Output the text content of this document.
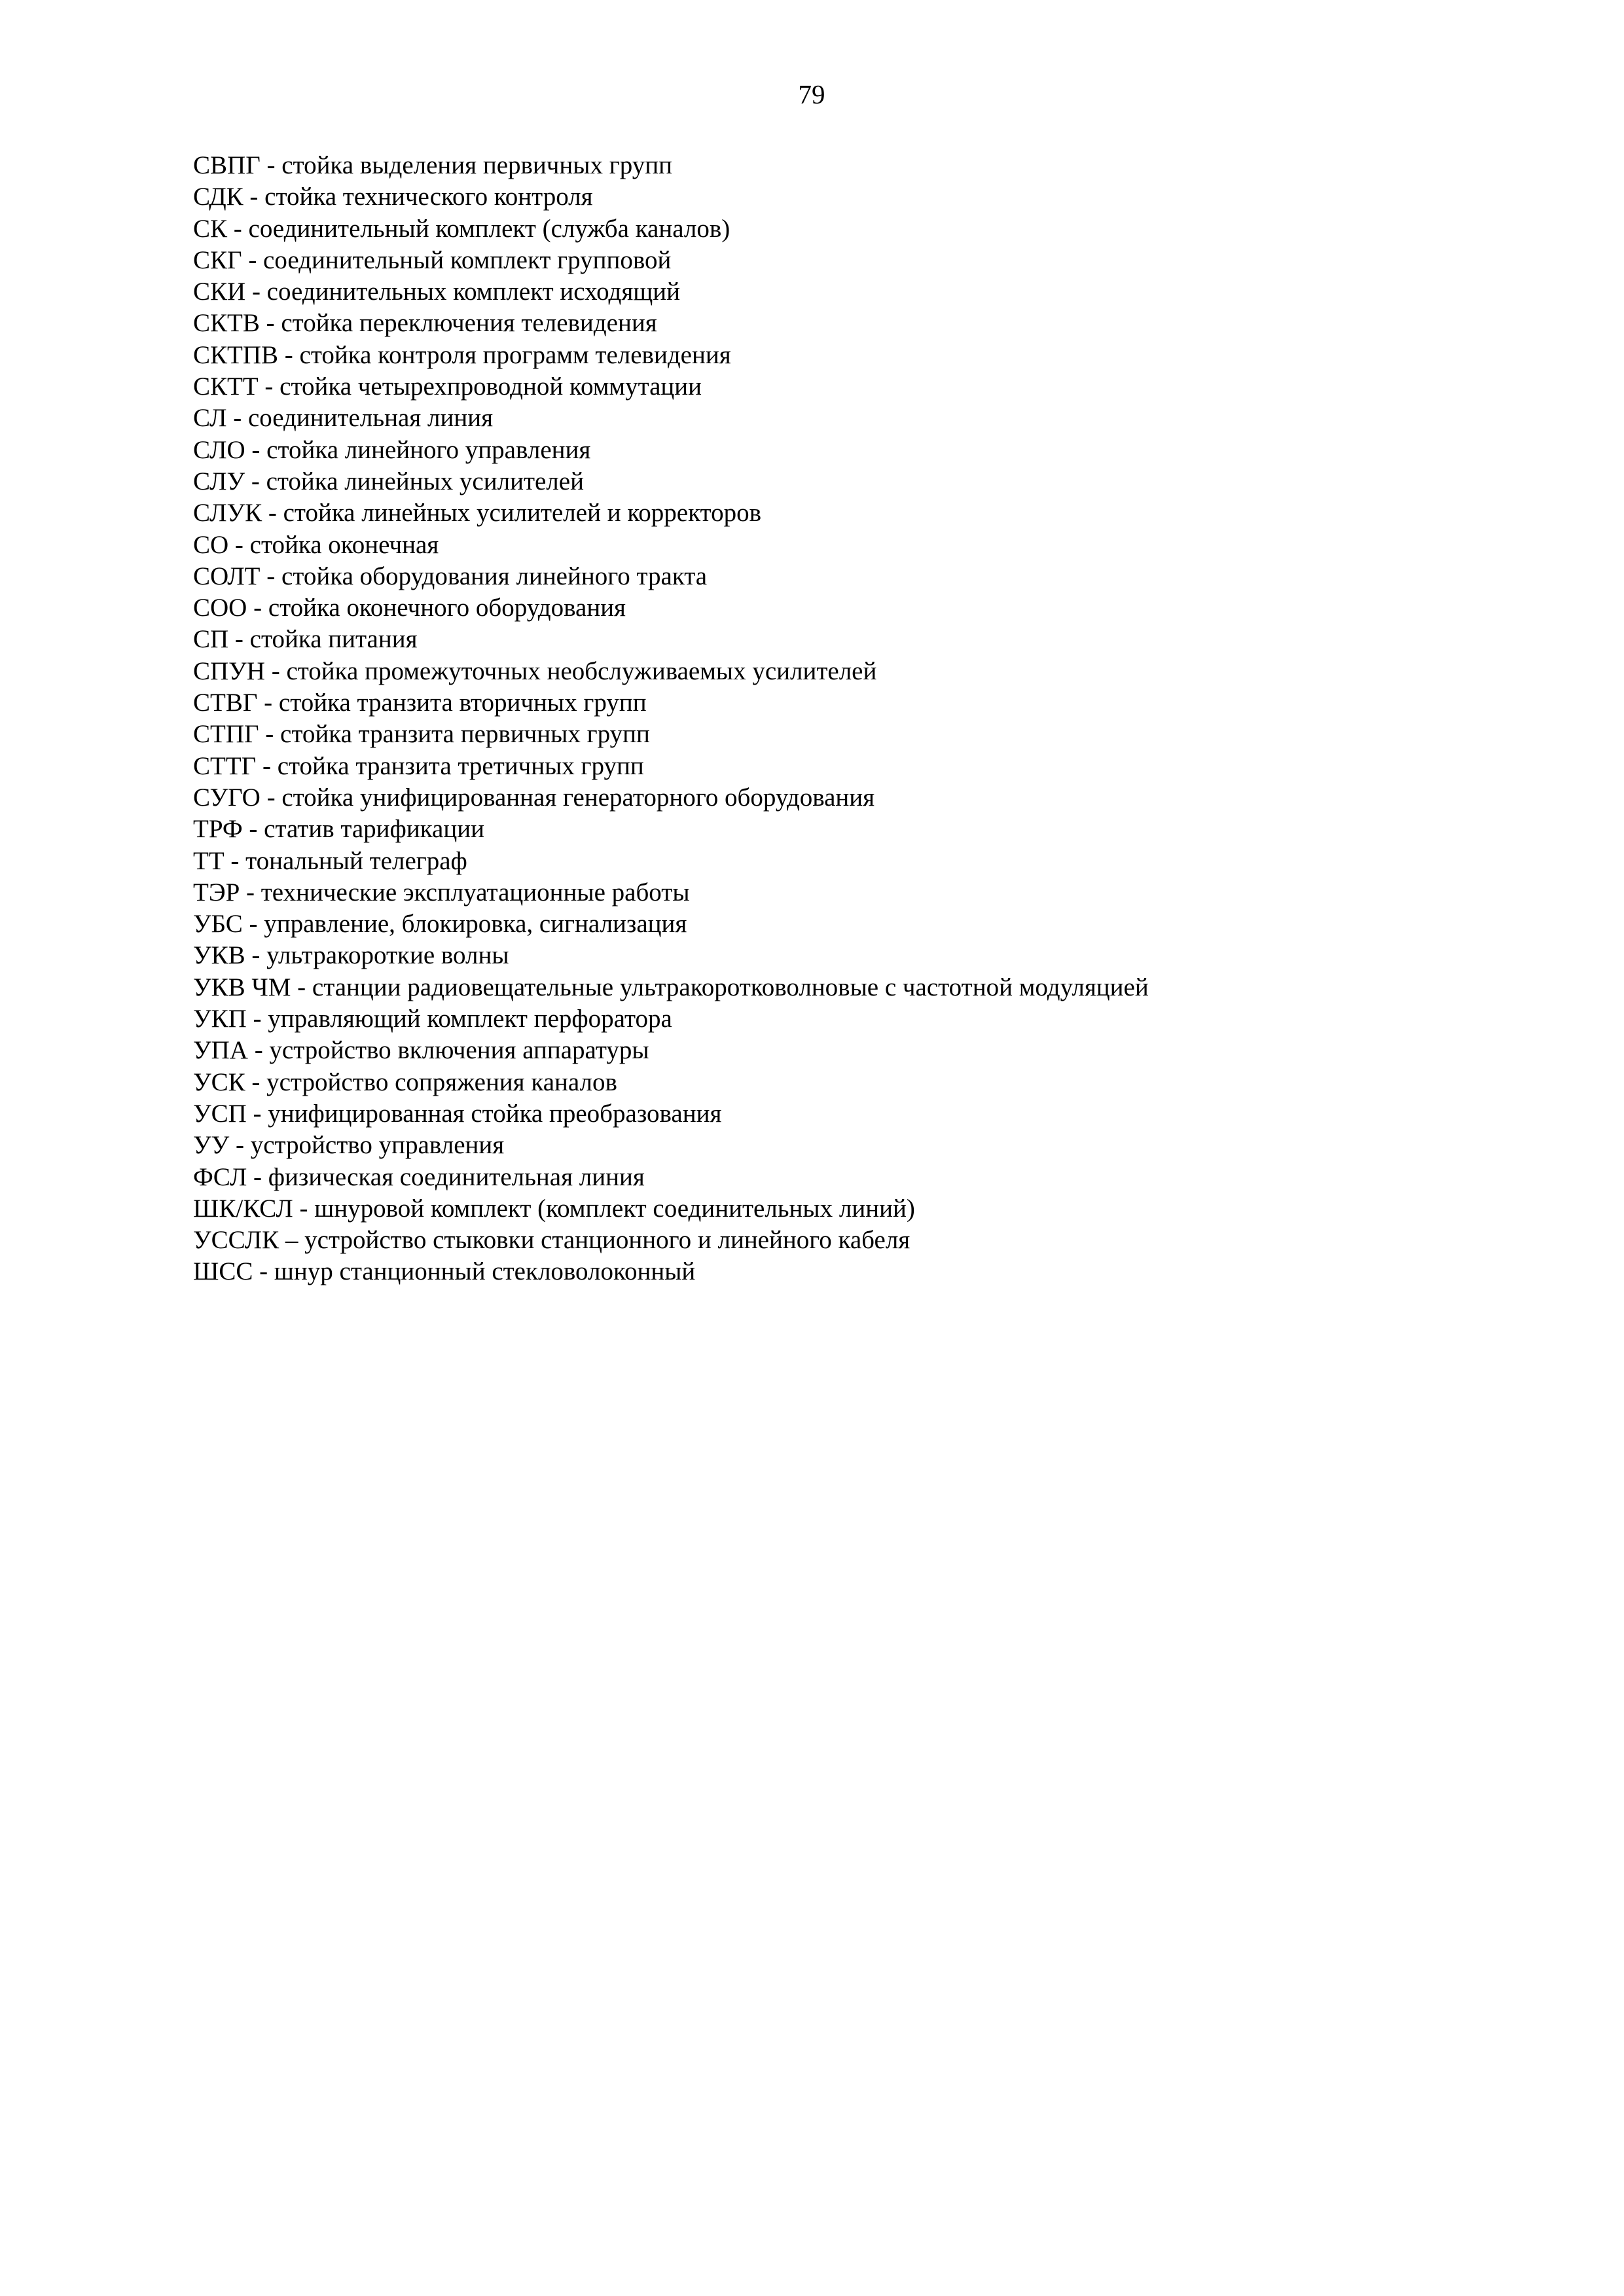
79
СВПГ - стойка выделения первичных групп
СДК - стойка технического контроля
СК - соединительный комплект (служба каналов)
СКГ - соединительный комплект групповой
СКИ - соединительных комплект исходящий
СКТВ - стойка переключения телевидения
СКТПВ - стойка контроля программ телевидения
СКТТ - стойка четырехпроводной коммутации
СЛ - соединительная линия
СЛО - стойка линейного управления
СЛУ - стойка линейных усилителей
СЛУК - стойка линейных усилителей и корректоров
СО - стойка оконечная
СОЛТ - стойка оборудования линейного тракта
СОО - стойка оконечного оборудования
СП - стойка питания
СПУН - стойка промежуточных необслуживаемых усилителей
СТВГ - стойка транзита вторичных групп
СТПГ - стойка транзита первичных групп
СТТГ - стойка транзита третичных групп
СУГО - стойка унифицированная генераторного оборудования
ТРФ - статив тарификации
ТТ - тональный телеграф
ТЭР - технические эксплуатационные работы
УБС - управление, блокировка, сигнализация
УКВ - ультракороткие волны
УКВ ЧМ - станции радиовещательные ультракоротковолновые с частотной модуляцией
УКП - управляющий комплект перфоратора
УПА - устройство включения аппаратуры
УСК - устройство сопряжения каналов
УСП - унифицированная стойка преобразования
УУ - устройство управления
ФСЛ - физическая соединительная линия
ШК/КСЛ - шнуровой комплект (комплект соединительных линий)
УССЛК – устройство стыковки станционного и линейного кабеля
ШСС - шнур станционный стекловолоконный
